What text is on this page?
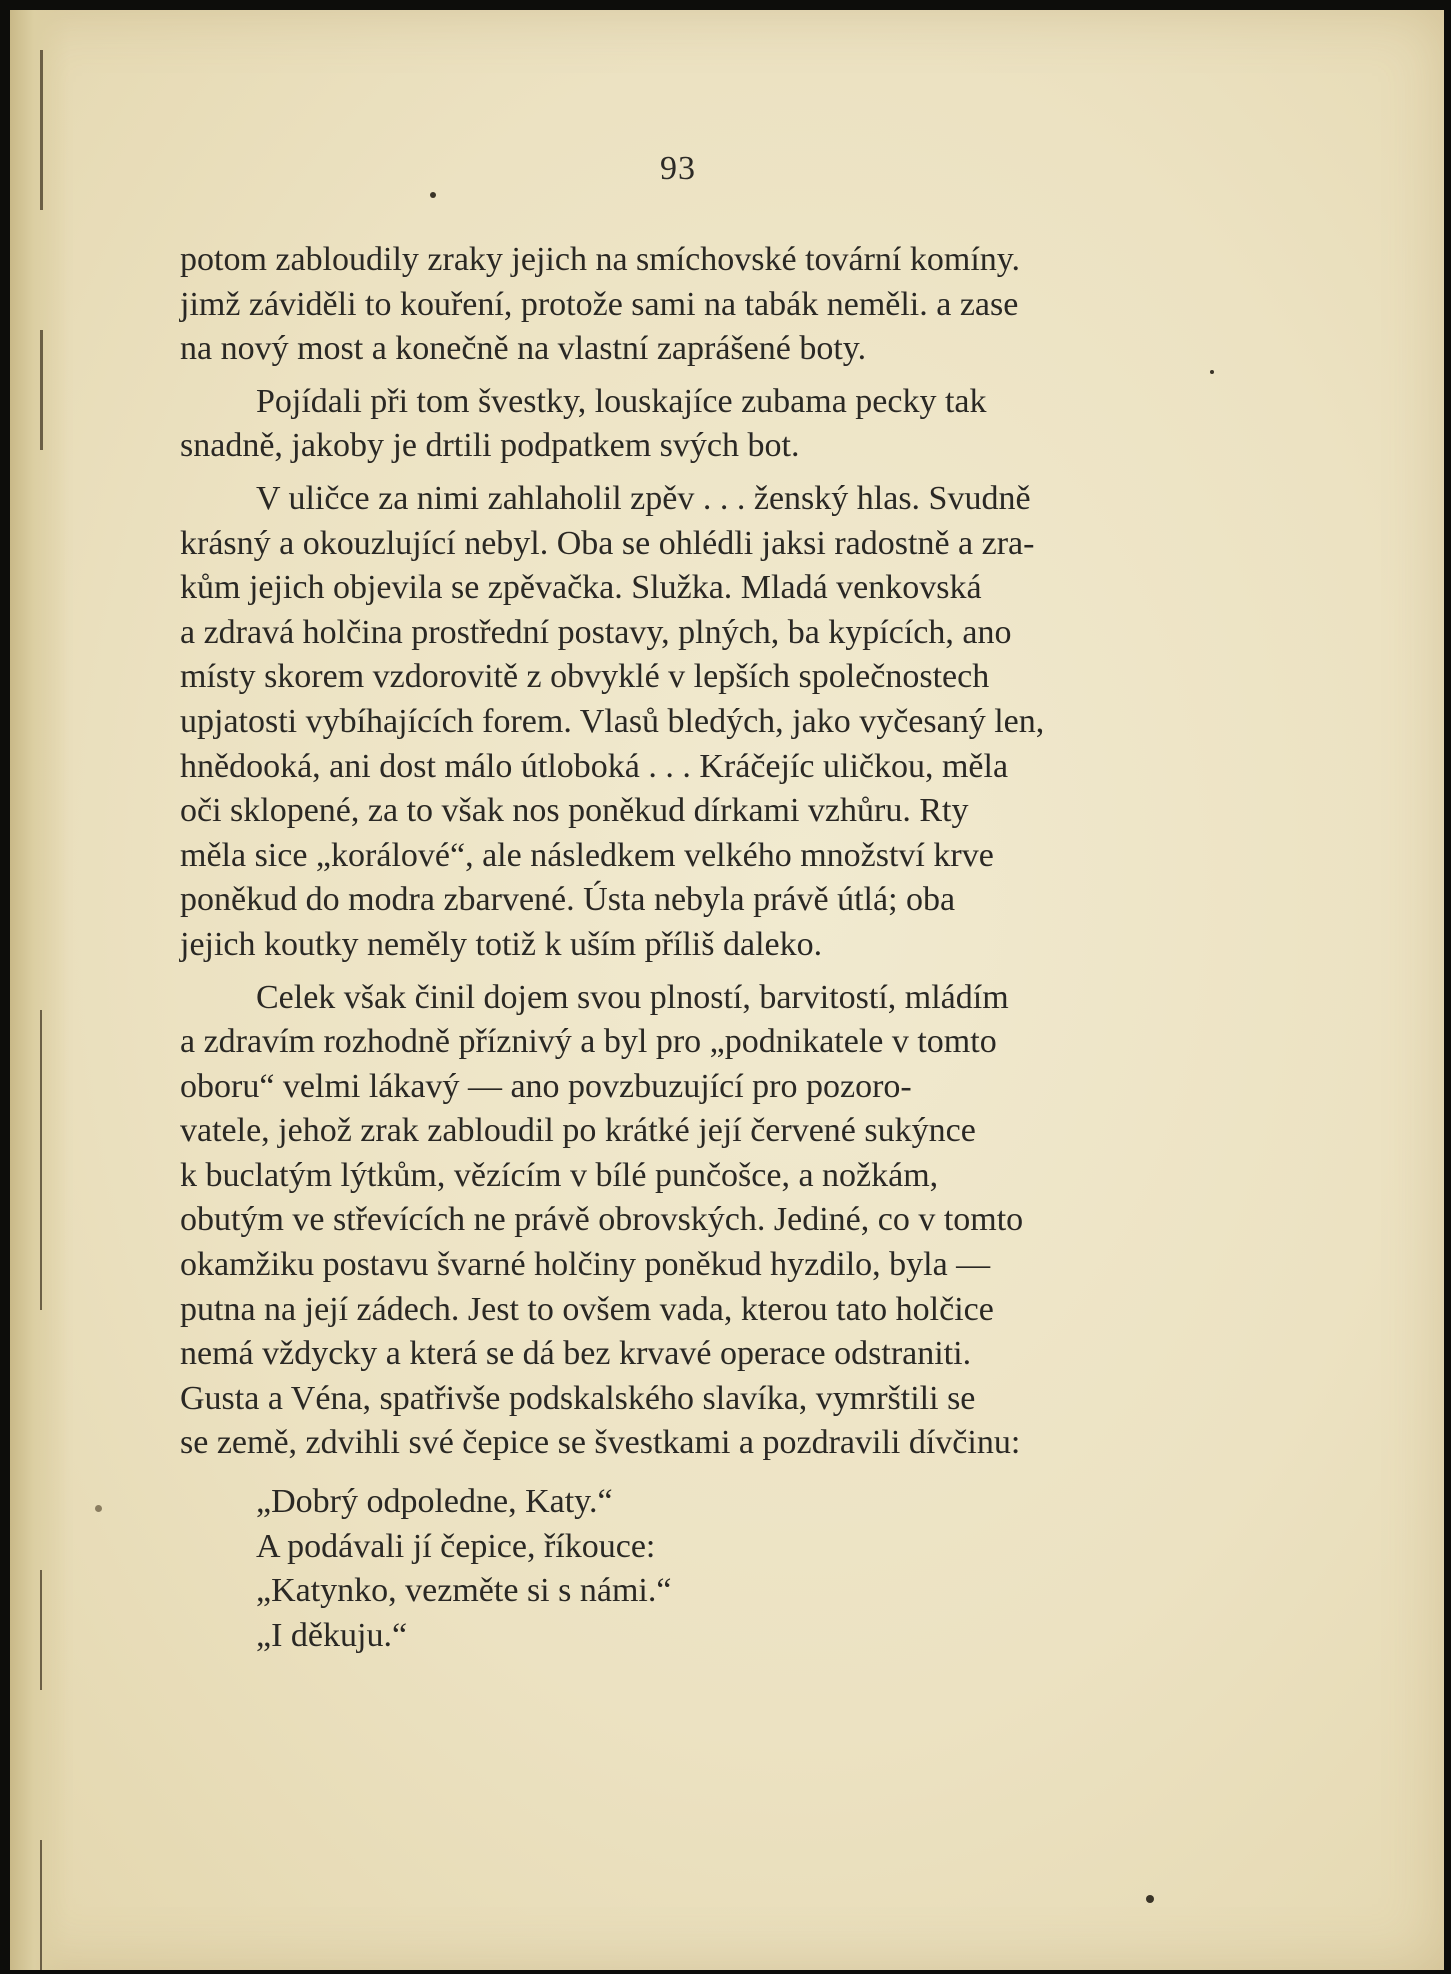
93

potom zabloudily zraky jejich na smíchovské tovární komíny.
jimž záviděli to kouření, protože sami na tabák neměli. a zase
na nový most a konečně na vlastní zaprášené boty.

Pojídali při tom švestky, louskajíce zubama pecky tak
snadně, jakoby je drtili podpatkem svých bot.

V uličce za nimi zahlaholil zpěv . . . ženský hlas. Svudně
krásný a okouzlující nebyl. Oba se ohlédli jaksi radostně a zra-
kům jejich objevila se zpěvačka. Služka. Mladá venkovská
a zdravá holčina prostřední postavy, plných, ba kypících, ano
místy skorem vzdorovitě z obvyklé v lepších společnostech
upjatosti vybíhajících forem. Vlasů bledých, jako vyčesaný len,
hnědooká, ani dost málo útloboká . . . Kráčejíc uličkou, měla
oči sklopené, za to však nos poněkud dírkami vzhůru. Rty
měla sice „korálové“, ale následkem velkého množství krve
poněkud do modra zbarvené. Ústa nebyla právě útlá; oba
jejich koutky neměly totiž k uším příliš daleko.

Celek však činil dojem svou plností, barvitostí, mládím
a zdravím rozhodně příznivý a byl pro „podnikatele v tomto
oboru“ velmi lákavý — ano povzbuzující pro pozoro-
vatele, jehož zrak zabloudil po krátké její červené sukýnce
k buclatým lýtkům, vězícím v bílé punčošce, a nožkám,
obutým ve střevících ne právě obrovských. Jediné, co v tomto
okamžiku postavu švarné holčiny poněkud hyzdilo, byla —
putna na její zádech. Jest to ovšem vada, kterou tato holčice
nemá vždycky a která se dá bez krvavé operace odstraniti.
Gusta a Véna, spatřivše podskalského slavíka, vymrštili se
se země, zdvihli své čepice se švestkami a pozdravili dívčinu:

„Dobrý odpoledne, Katy.“
A podávali jí čepice, říkouce:
„Katynko, vezměte si s námi.“
„I děkuju.“
